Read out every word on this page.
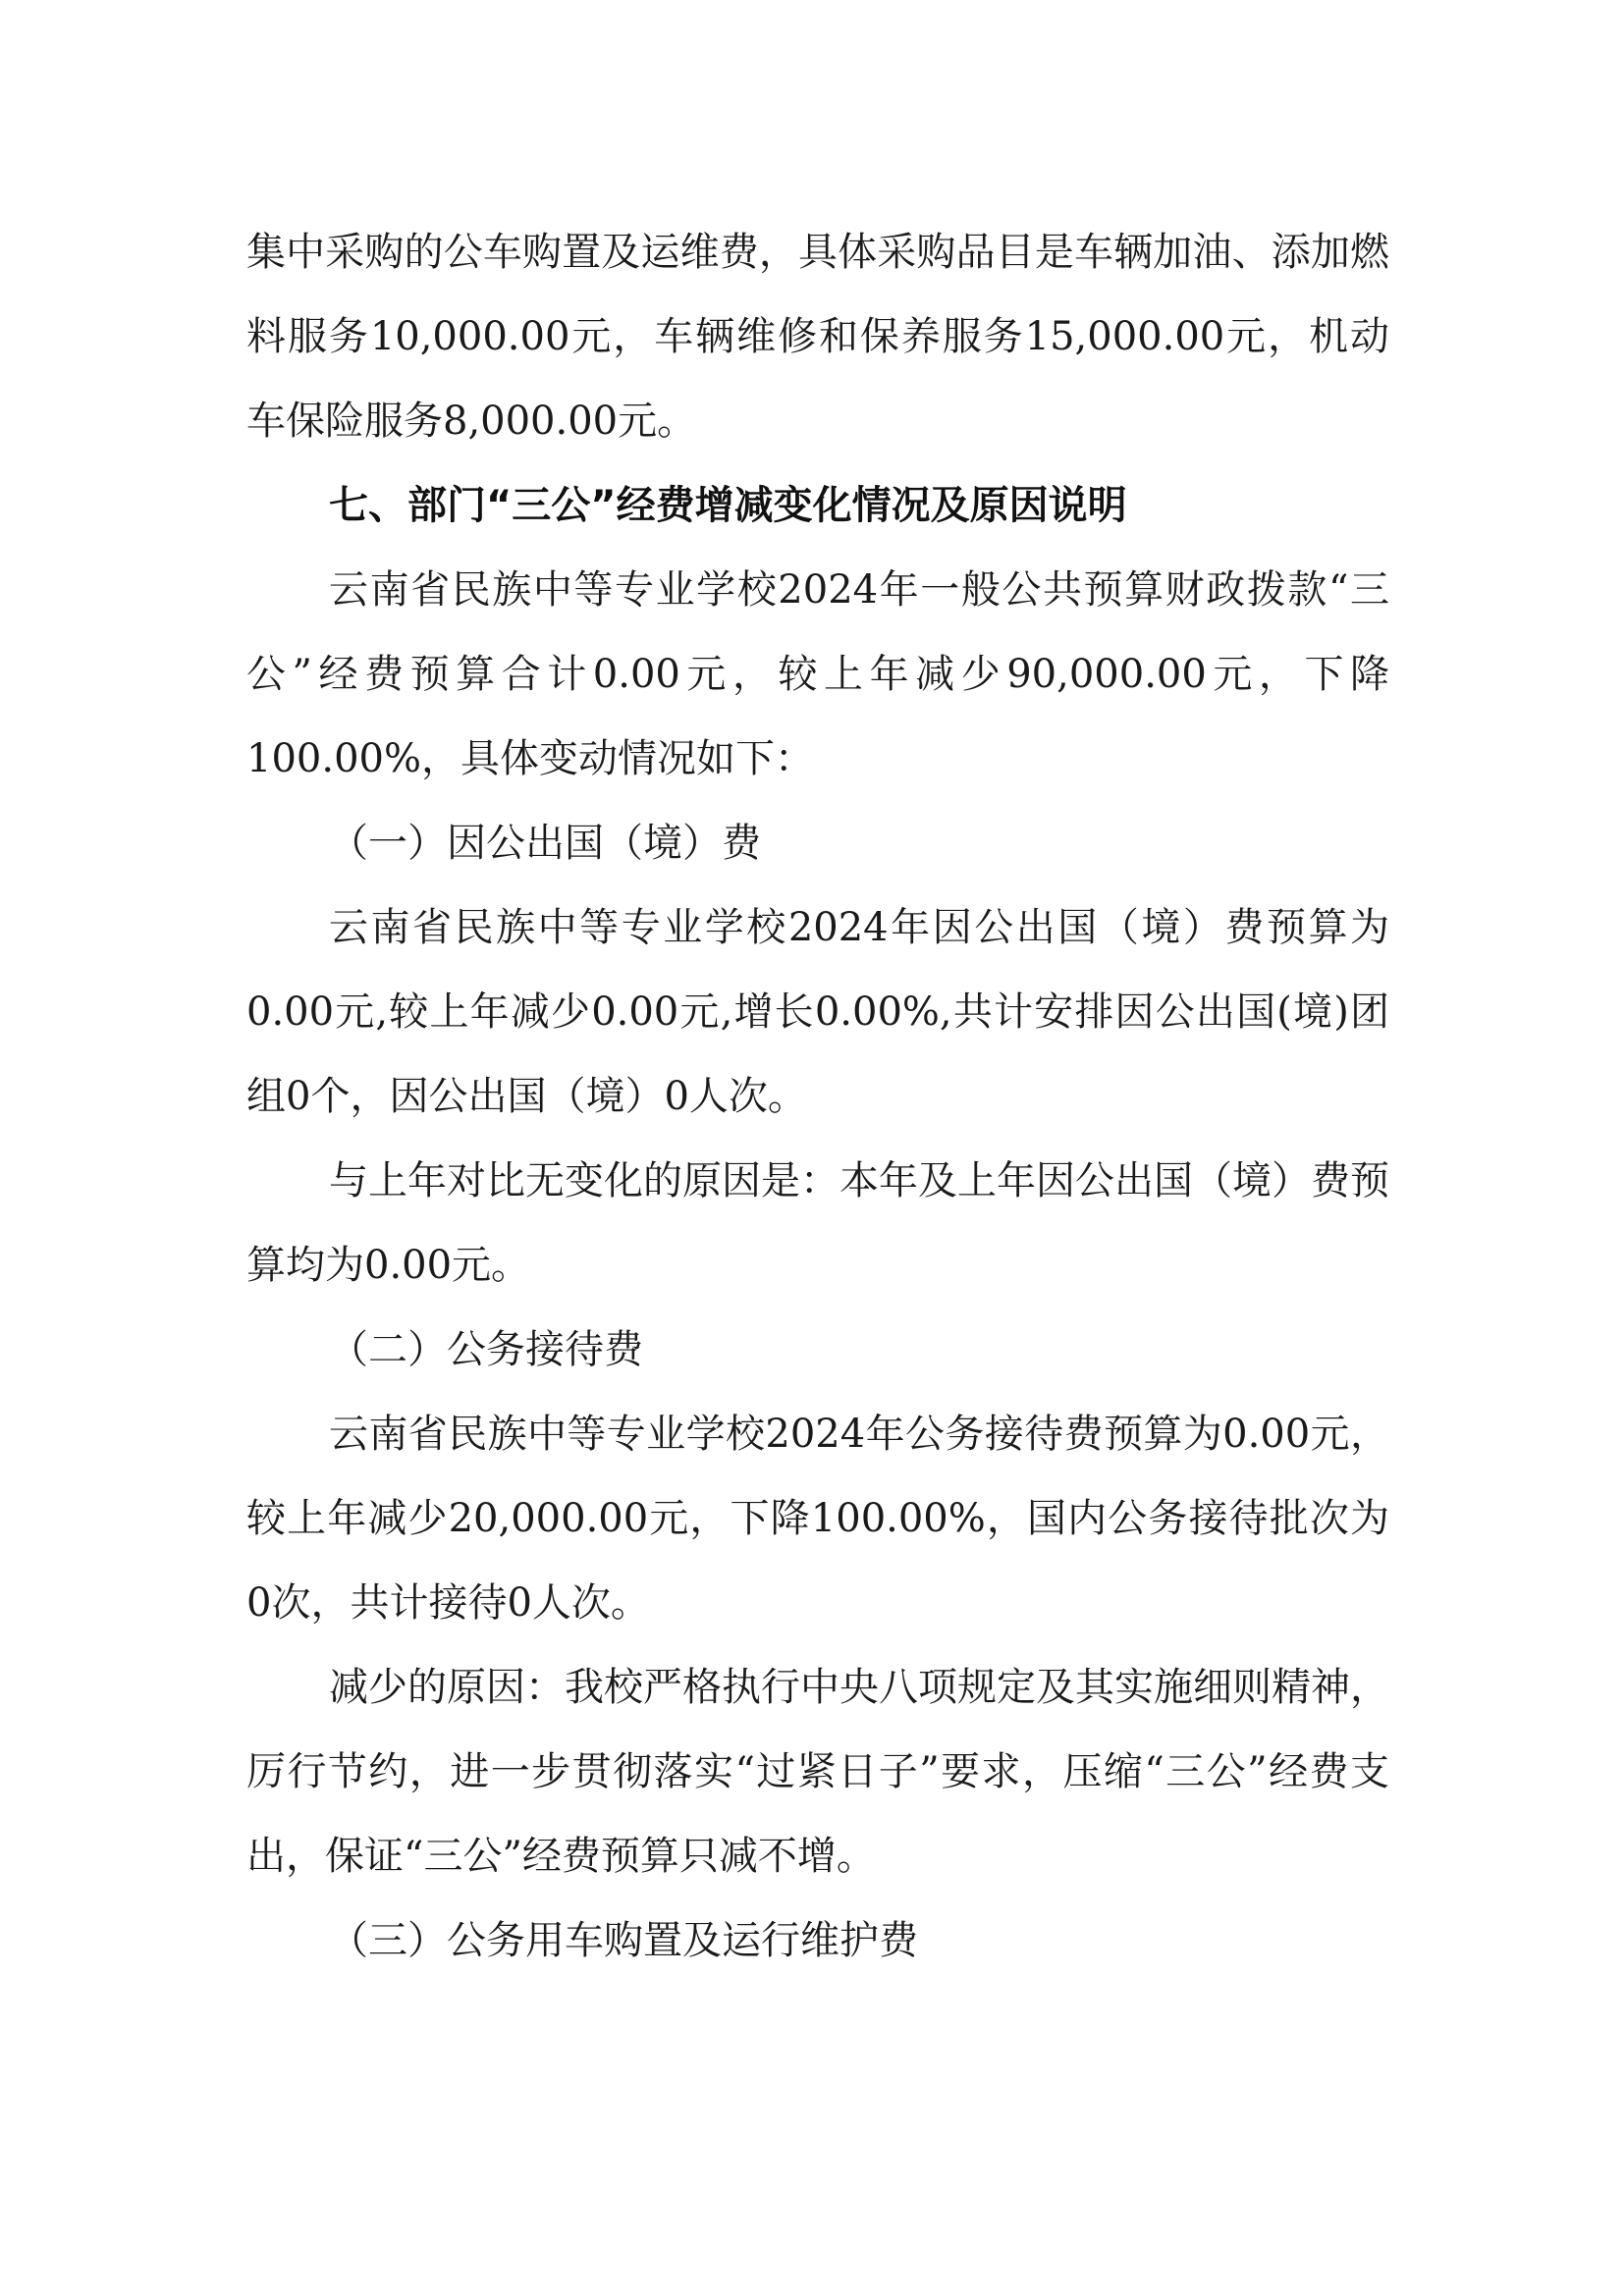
集中采购的公车购置及运维费，具体采购品目是车辆加油、添加燃料服务10,000.00元，车辆维修和保养服务15,000.00元，机动车保险服务8,000.00元。

七、部门“三公”经费增减变化情况及原因说明

云南省民族中等专业学校2024年一般公共预算财政拨款“三公”经费预算合计0.00元，较上年减少90,000.00元，下降100.00%，具体变动情况如下：

（一）因公出国（境）费

云南省民族中等专业学校2024年因公出国（境）费预算为0.00元,较上年减少0.00元,增长0.00%,共计安排因公出国(境)团组0个，因公出国（境）0人次。

与上年对比无变化的原因是：本年及上年因公出国（境）费预算均为0.00元。

（二）公务接待费

云南省民族中等专业学校2024年公务接待费预算为0.00元，较上年减少20,000.00元，下降100.00%，国内公务接待批次为0次，共计接待0人次。

减少的原因：我校严格执行中央八项规定及其实施细则精神，厉行节约，进一步贯彻落实“过紧日子”要求，压缩“三公”经费支出，保证“三公”经费预算只减不增。

（三）公务用车购置及运行维护费
